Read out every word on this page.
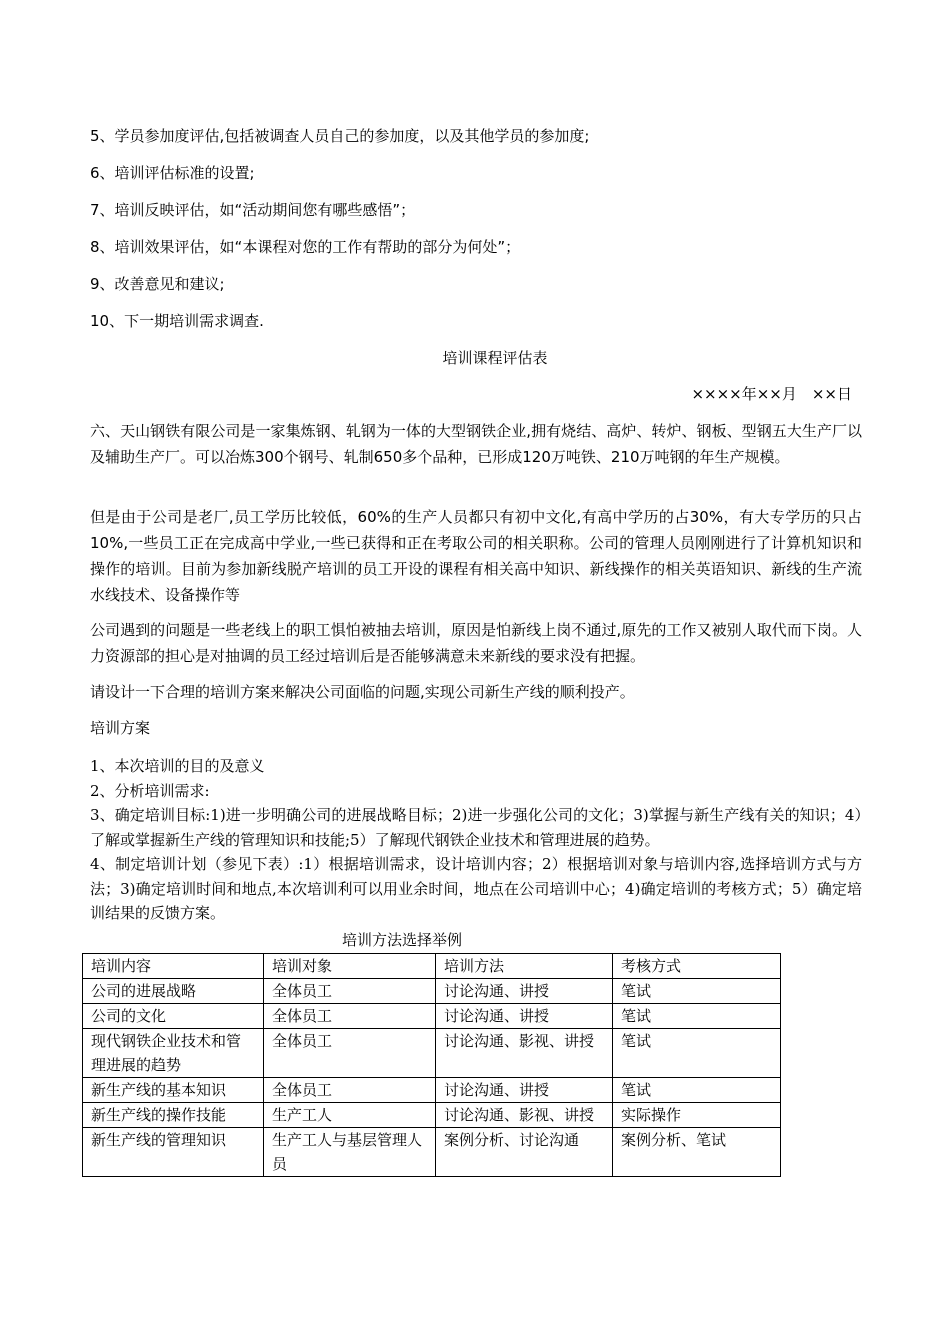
5、学员参加度评估,包括被调查人员自己的参加度，以及其他学员的参加度;
6、培训评估标准的设置;
7、培训反映评估，如“活动期间您有哪些感悟”；
8、培训效果评估，如“本课程对您的工作有帮助的部分为何处”；
9、改善意见和建议;
10、下一期培训需求调查.
培训课程评估表
××××年××月　××日
六、天山钢铁有限公司是一家集炼钢、轧钢为一体的大型钢铁企业,拥有烧结、高炉、转炉、钢板、型钢五大生产厂以及辅助生产厂。可以冶炼300个钢号、轧制650多个品种，已形成120万吨铁、210万吨钢的年生产规模。
但是由于公司是老厂,员工学历比较低，60%的生产人员都只有初中文化,有高中学历的占30%，有大专学历的只占10%,一些员工正在完成高中学业,一些已获得和正在考取公司的相关职称。公司的管理人员刚刚进行了计算机知识和操作的培训。目前为参加新线脱产培训的员工开设的课程有相关高中知识、新线操作的相关英语知识、新线的生产流水线技术、设备操作等
公司遇到的问题是一些老线上的职工惧怕被抽去培训，原因是怕新线上岗不通过,原先的工作又被别人取代而下岗。人力资源部的担心是对抽调的员工经过培训后是否能够满意未来新线的要求没有把握。
请设计一下合理的培训方案来解决公司面临的问题,实现公司新生产线的顺利投产。
培训方案
1、本次培训的目的及意义
2、分析培训需求:
3、确定培训目标:1)进一步明确公司的进展战略目标；2)进一步强化公司的文化；3)掌握与新生产线有关的知识；4）了解或掌握新生产线的管理知识和技能;5）了解现代钢铁企业技术和管理进展的趋势。
4、制定培训计划（参见下表）:1）根据培训需求，设计培训内容；2）根据培训对象与培训内容,选择培训方式与方法；3)确定培训时间和地点,本次培训利可以用业余时间，地点在公司培训中心；4)确定培训的考核方式；5）确定培训结果的反馈方案。
培训方法选择举例
培训内容	培训对象	培训方法	考核方式
公司的进展战略	全体员工	讨论沟通、讲授	笔试
公司的文化	全体员工	讨论沟通、讲授	笔试
现代钢铁企业技术和管理进展的趋势	全体员工	讨论沟通、影视、讲授	笔试
新生产线的基本知识	全体员工	讨论沟通、讲授	笔试
新生产线的操作技能	生产工人	讨论沟通、影视、讲授	实际操作
新生产线的管理知识	生产工人与基层管理人员	案例分析、讨论沟通	案例分析、笔试
